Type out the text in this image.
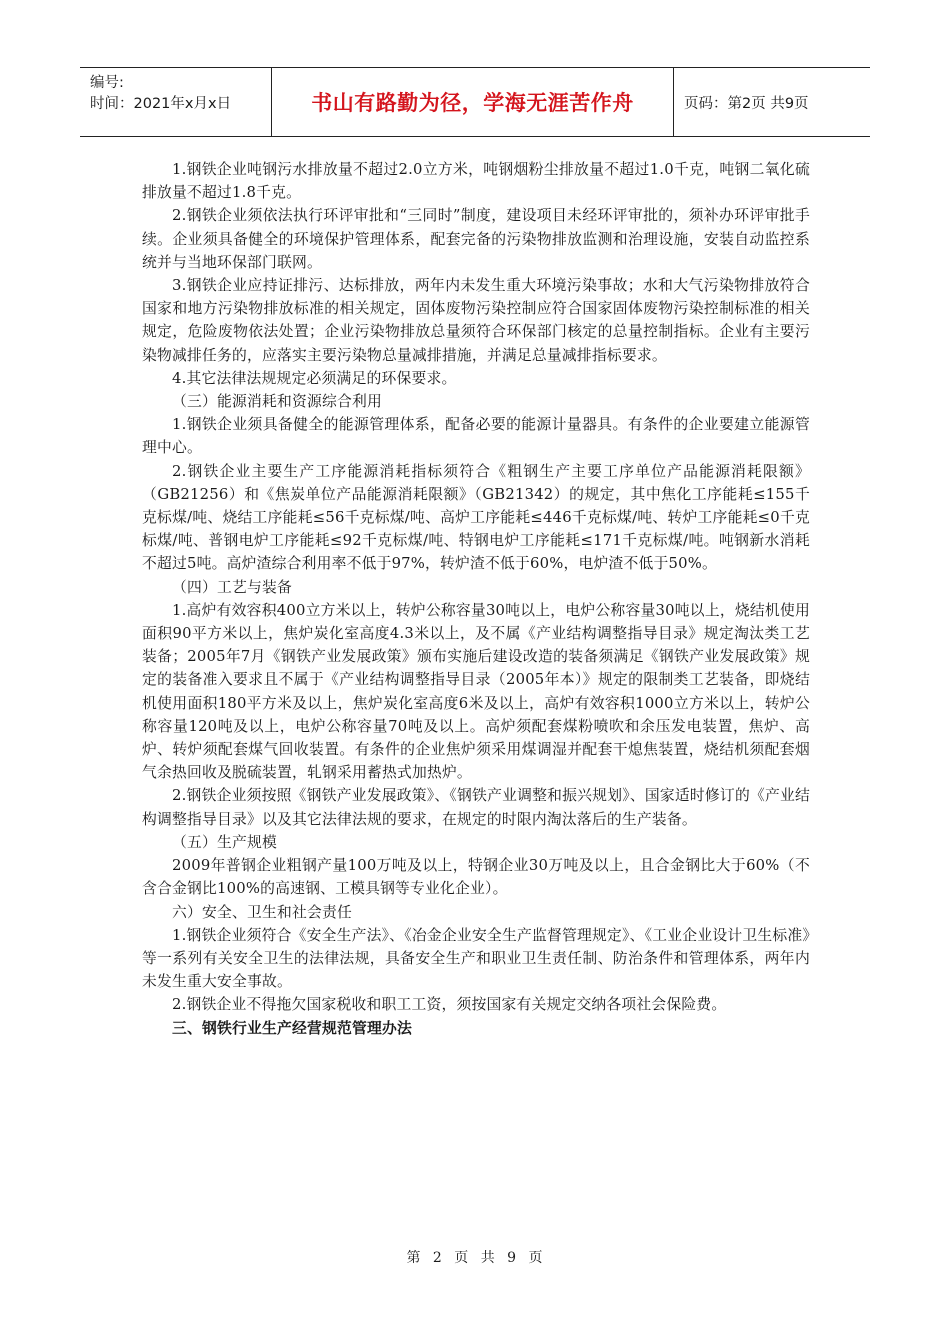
编号:
时间：2021年x月x日	书山有路勤为径，学海无涯苦作舟	页码：第2页 共9页

1.钢铁企业吨钢污水排放量不超过2.0立方米，吨钢烟粉尘排放量不超过1.0千克，吨钢二氧化硫排放量不超过1.8千克。

2.钢铁企业须依法执行环评审批和“三同时”制度，建设项目未经环评审批的，须补办环评审批手续。企业须具备健全的环境保护管理体系，配套完备的污染物排放监测和治理设施，安装自动监控系统并与当地环保部门联网。

3.钢铁企业应持证排污、达标排放，两年内未发生重大环境污染事故；水和大气污染物排放符合国家和地方污染物排放标准的相关规定，固体废物污染控制应符合国家固体废物污染控制标准的相关规定，危险废物依法处置；企业污染物排放总量须符合环保部门核定的总量控制指标。企业有主要污染物减排任务的，应落实主要污染物总量减排措施，并满足总量减排指标要求。

4.其它法律法规规定必须满足的环保要求。

（三）能源消耗和资源综合利用

1.钢铁企业须具备健全的能源管理体系，配备必要的能源计量器具。有条件的企业要建立能源管理中心。

2.钢铁企业主要生产工序能源消耗指标须符合《粗钢生产主要工序单位产品能源消耗限额》（GB21256）和《焦炭单位产品能源消耗限额》（GB21342）的规定，其中焦化工序能耗≤155千克标煤/吨、烧结工序能耗≤56千克标煤/吨、高炉工序能耗≤446千克标煤/吨、转炉工序能耗≤0千克标煤/吨、普钢电炉工序能耗≤92千克标煤/吨、特钢电炉工序能耗≤171千克标煤/吨。吨钢新水消耗不超过5吨。高炉渣综合利用率不低于97%，转炉渣不低于60%，电炉渣不低于50%。

（四）工艺与装备

1.高炉有效容积400立方米以上，转炉公称容量30吨以上，电炉公称容量30吨以上，烧结机使用面积90平方米以上，焦炉炭化室高度4.3米以上，及不属《产业结构调整指导目录》规定淘汰类工艺装备；2005年7月《钢铁产业发展政策》颁布实施后建设改造的装备须满足《钢铁产业发展政策》规定的装备准入要求且不属于《产业结构调整指导目录（2005年本）》规定的限制类工艺装备，即烧结机使用面积180平方米及以上，焦炉炭化室高度6米及以上，高炉有效容积1000立方米以上，转炉公称容量120吨及以上，电炉公称容量70吨及以上。高炉须配套煤粉喷吹和余压发电装置，焦炉、高炉、转炉须配套煤气回收装置。有条件的企业焦炉须采用煤调湿并配套干熄焦装置，烧结机须配套烟气余热回收及脱硫装置，轧钢采用蓄热式加热炉。

2.钢铁企业须按照《钢铁产业发展政策》、《钢铁产业调整和振兴规划》、国家适时修订的《产业结构调整指导目录》以及其它法律法规的要求，在规定的时限内淘汰落后的生产装备。

（五）生产规模

2009年普钢企业粗钢产量100万吨及以上，特钢企业30万吨及以上，且合金钢比大于60%（不含合金钢比100%的高速钢、工模具钢等专业化企业）。

六）安全、卫生和社会责任

1.钢铁企业须符合《安全生产法》、《冶金企业安全生产监督管理规定》、《工业企业设计卫生标准》等一系列有关安全卫生的法律法规，具备安全生产和职业卫生责任制、防治条件和管理体系，两年内未发生重大安全事故。

2.钢铁企业不得拖欠国家税收和职工工资，须按国家有关规定交纳各项社会保险费。

三、钢铁行业生产经营规范管理办法

第 2 页 共 9 页
